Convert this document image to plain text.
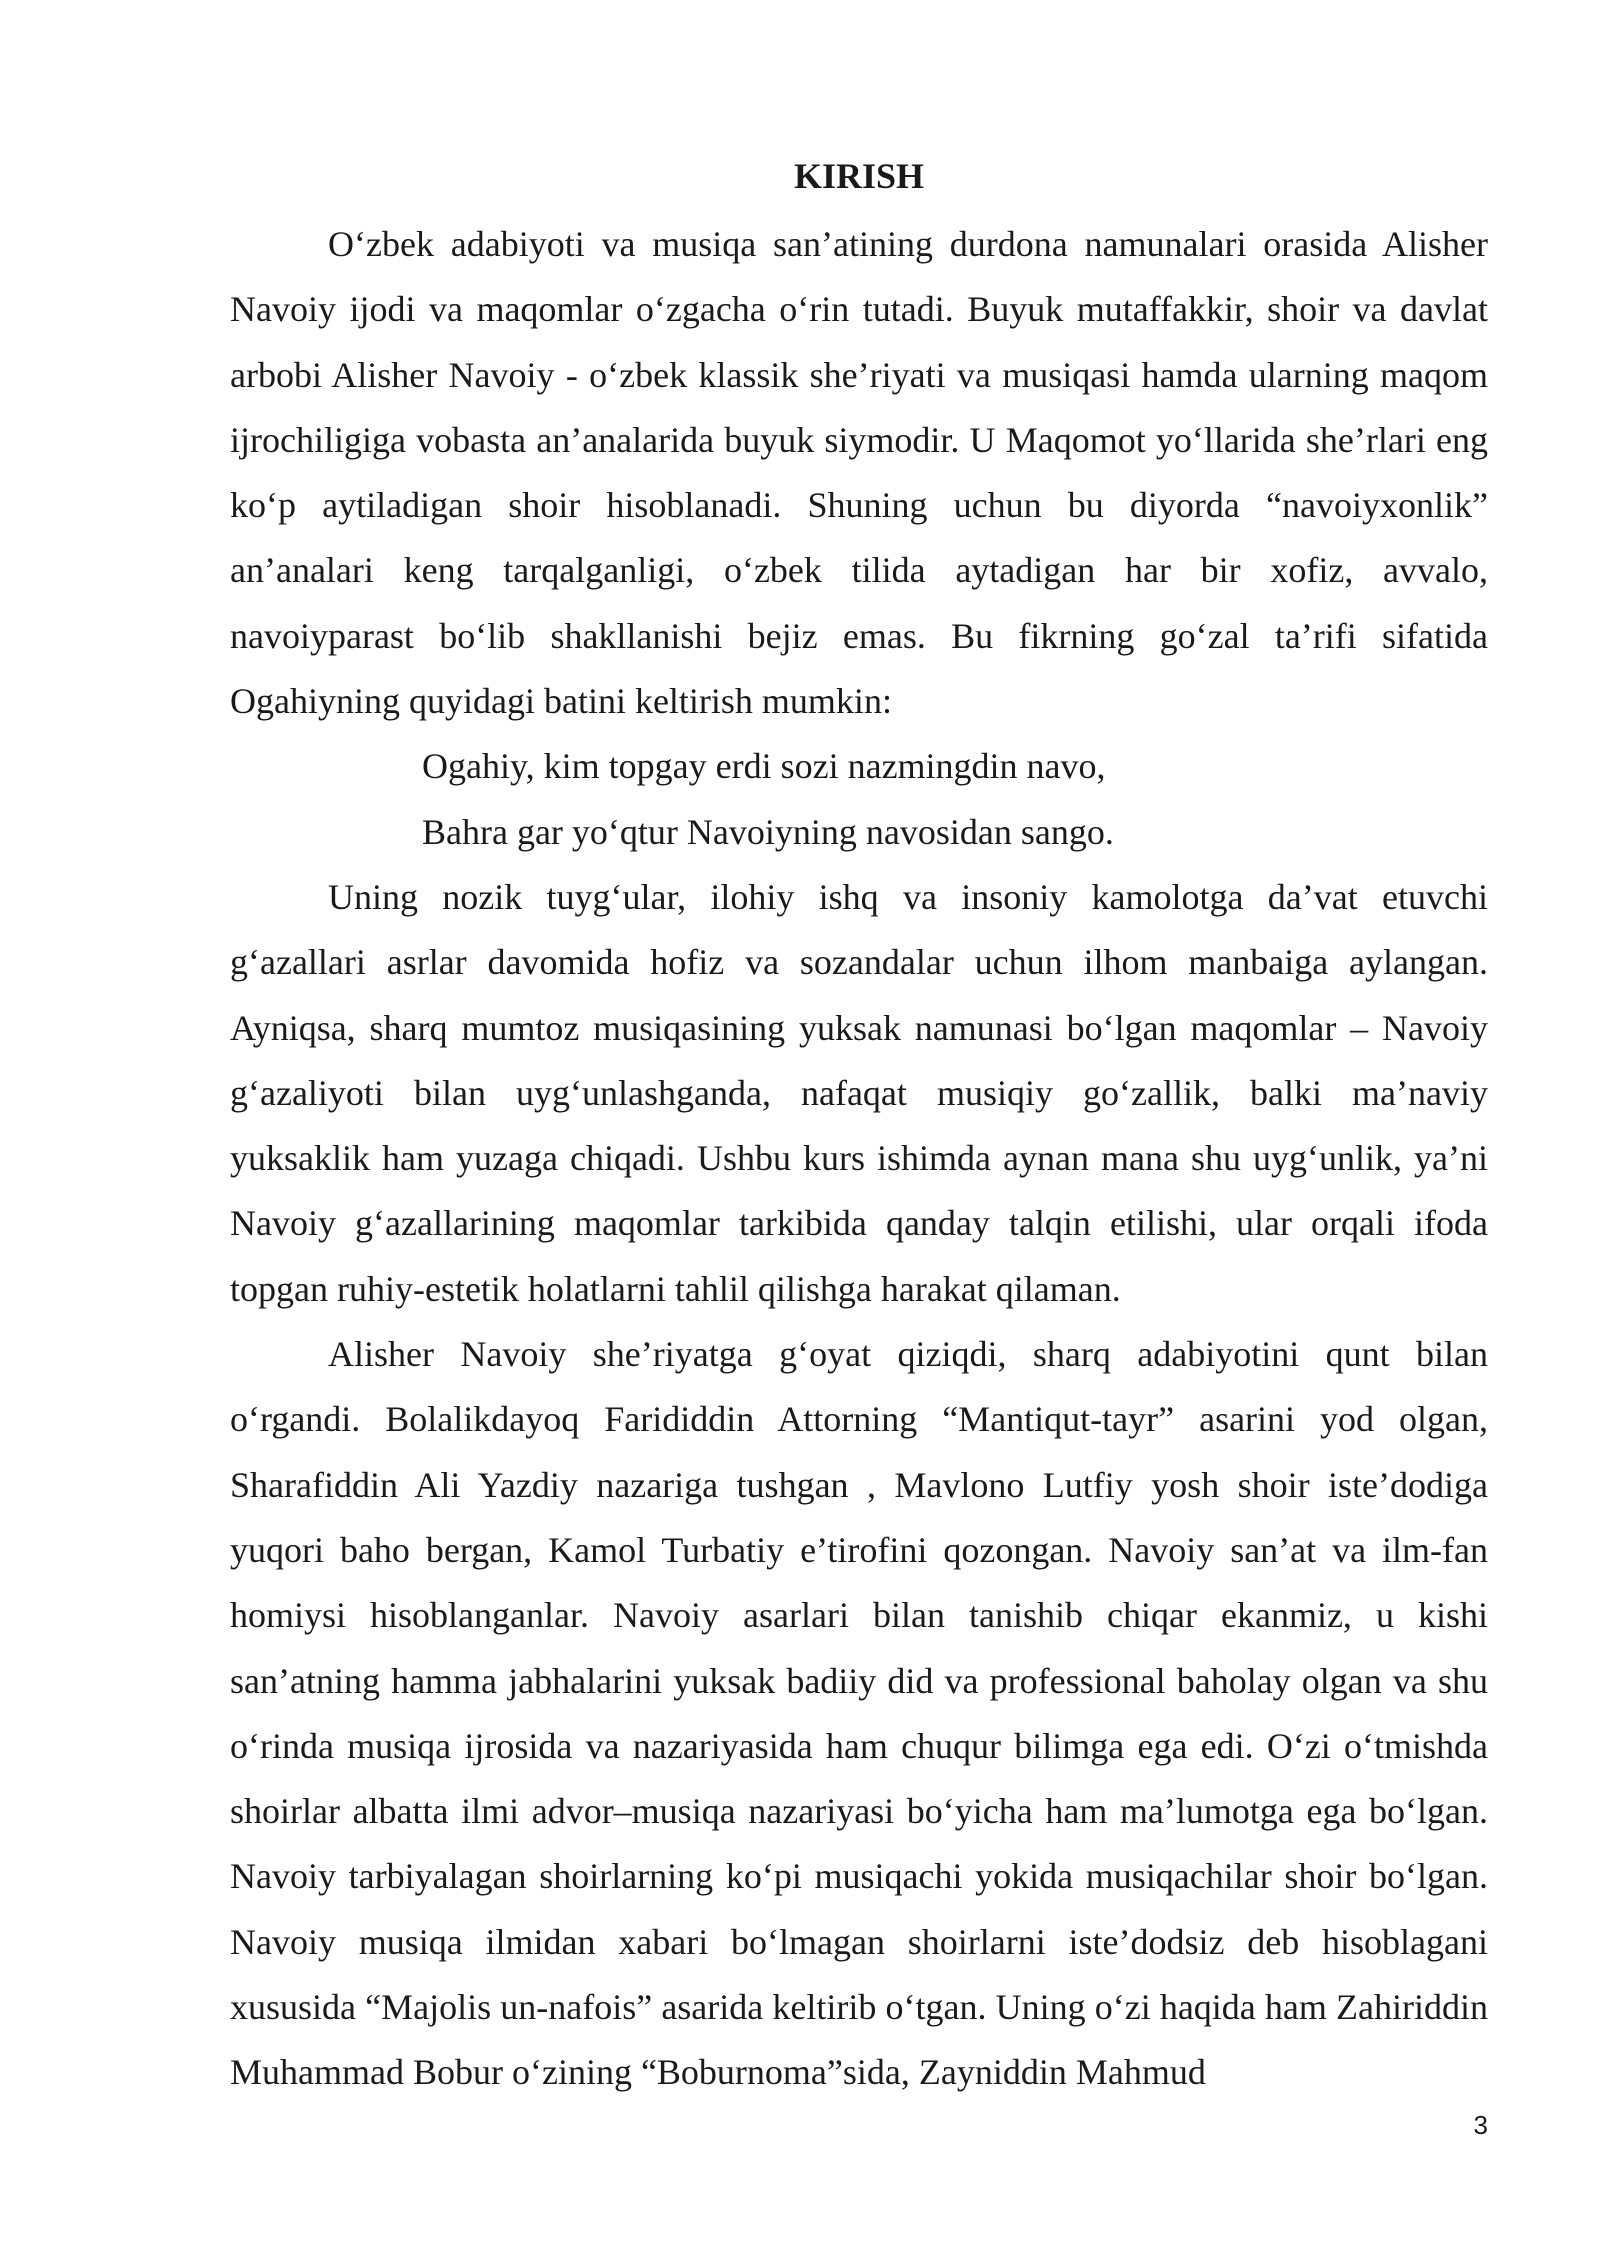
KIRISH

O‘zbek adabiyoti va musiqa san’atining durdona namunalari orasida Alisher Navoiy ijodi va maqomlar o‘zgacha o‘rin tutadi. Buyuk mutaffakkir, shoir va davlat arbobi Alisher Navoiy - o‘zbek klassik she’riyati va musiqasi hamda ularning maqom ijrochiligiga vobasta an’analarida buyuk siymodir. U Maqomot yo‘llarida she’rlari eng ko‘p aytiladigan shoir hisoblanadi. Shuning uchun bu diyorda “navoiyxonlik” an’analari keng tarqalganligi, o‘zbek tilida aytadigan har bir xofiz, avvalo, navoiyparast bo‘lib shakllanishi bejiz emas. Bu fikrning go‘zal ta’rifi sifatida Ogahiyning quyidagi batini keltirish mumkin:

Ogahiy, kim topgay erdi sozi nazmingdin navo,

Bahra gar yo‘qtur Navoiyning navosidan sango.

Uning nozik tuyg‘ular, ilohiy ishq va insoniy kamolotga da’vat etuvchi g‘azallari asrlar davomida hofiz va sozandalar uchun ilhom manbaiga aylangan. Ayniqsa, sharq mumtoz musiqasining yuksak namunasi bo‘lgan maqomlar – Navoiy g‘azaliyoti bilan uyg‘unlashganda, nafaqat musiqiy go‘zallik, balki ma’naviy yuksaklik ham yuzaga chiqadi. Ushbu kurs ishimda aynan mana shu uyg‘unlik, ya’ni Navoiy g‘azallarining maqomlar tarkibida qanday talqin etilishi, ular orqali ifoda topgan ruhiy-estetik holatlarni tahlil qilishga harakat qilaman.

Alisher Navoiy she’riyatga g‘oyat qiziqdi, sharq adabiyotini qunt bilan o‘rgandi. Bolalikdayoq Farididdin Attorning “Mantiqut-tayr” asarini yod olgan, Sharafiddin Ali Yazdiy nazariga tushgan , Mavlono Lutfiy yosh shoir iste’dodiga yuqori baho bergan, Kamol Turbatiy e’tirofini qozongan. Navoiy san’at va ilm-fan homiysi hisoblanganlar. Navoiy asarlari bilan tanishib chiqar ekanmiz, u kishi san’atning hamma jabhalarini yuksak badiiy did va professional baholay olgan va shu o‘rinda musiqa ijrosida va nazariyasida ham chuqur bilimga ega edi. O‘zi o‘tmishda shoirlar albatta ilmi advor–musiqa nazariyasi bo‘yicha ham ma’lumotga ega bo‘lgan. Navoiy tarbiyalagan shoirlarning ko‘pi musiqachi yokida musiqachilar shoir bo‘lgan. Navoiy musiqa ilmidan xabari bo‘lmagan shoirlarni iste’dodsiz deb hisoblagani xususida “Majolis un-nafois” asarida keltirib o‘tgan. Uning o‘zi haqida ham Zahiriddin Muhammad Bobur o‘zining “Boburnoma”sida, Zayniddin Mahmud

3
